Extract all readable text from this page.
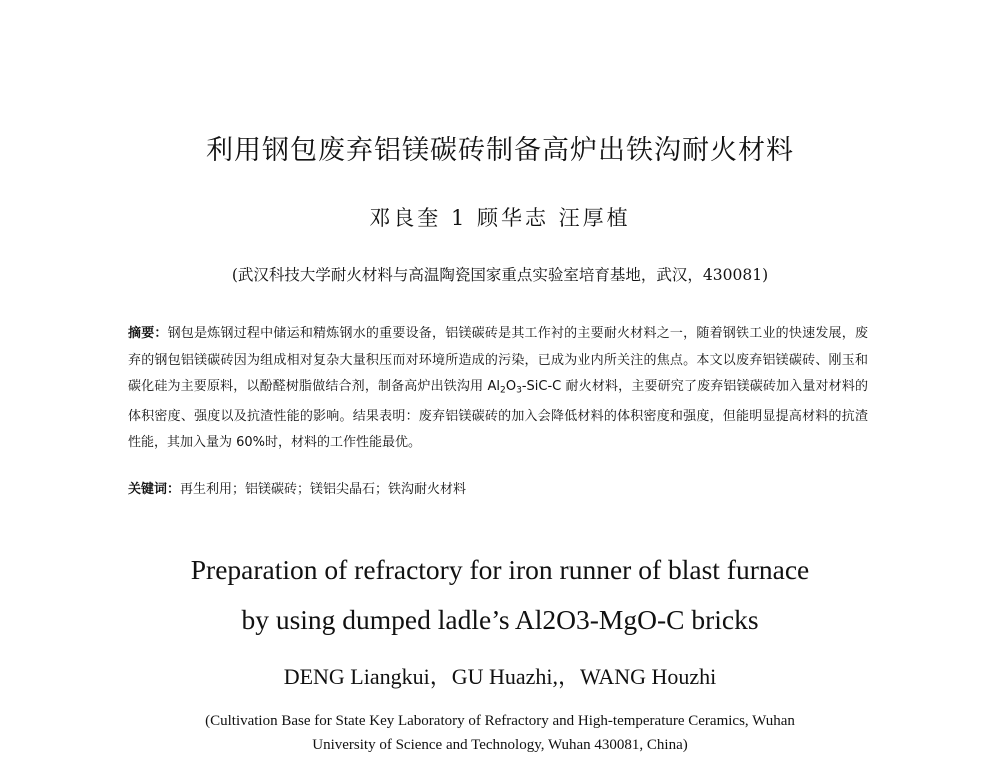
利用钢包废弃铝镁碳砖制备高炉出铁沟耐火材料
邓良奎 1 顾华志 汪厚植
(武汉科技大学耐火材料与高温陶瓷国家重点实验室培育基地，武汉，430081)
摘要：钢包是炼钢过程中储运和精炼钢水的重要设备，铝镁碳砖是其工作衬的主要耐火材料之一，随着钢铁工业的快速发展，废弃的钢包铝镁碳砖因为组成相对复杂大量积压而对环境所造成的污染，已成为业内所关注的焦点。本文以废弃铝镁碳砖、刚玉和碳化硅为主要原料，以酚醛树脂做结合剂，制备高炉出铁沟用 $Al_2O_3-SiC-C$ 耐火材料，主要研究了废弃铝镁碳砖加入量对材料的体积密度、强度以及抗渣性能的影响。结果表明：废弃铝镁碳砖的加入会降低材料的体积密度和强度，但能明显提高材料的抗渣性能，其加入量为 60%时，材料的工作性能最优。
关键词：再生利用；铝镁碳砖；镁铝尖晶石；铁沟耐火材料
Preparation of refractory for iron runner of blast furnace
by using dumped ladle’s Al2O3-MgO-C bricks
DENG Liangkui，GU Huazhi,，WANG Houzhi
(Cultivation Base for State Key Laboratory of Refractory and High-temperature Ceramics, Wuhan
University of Science and Technology, Wuhan 430081, China)
